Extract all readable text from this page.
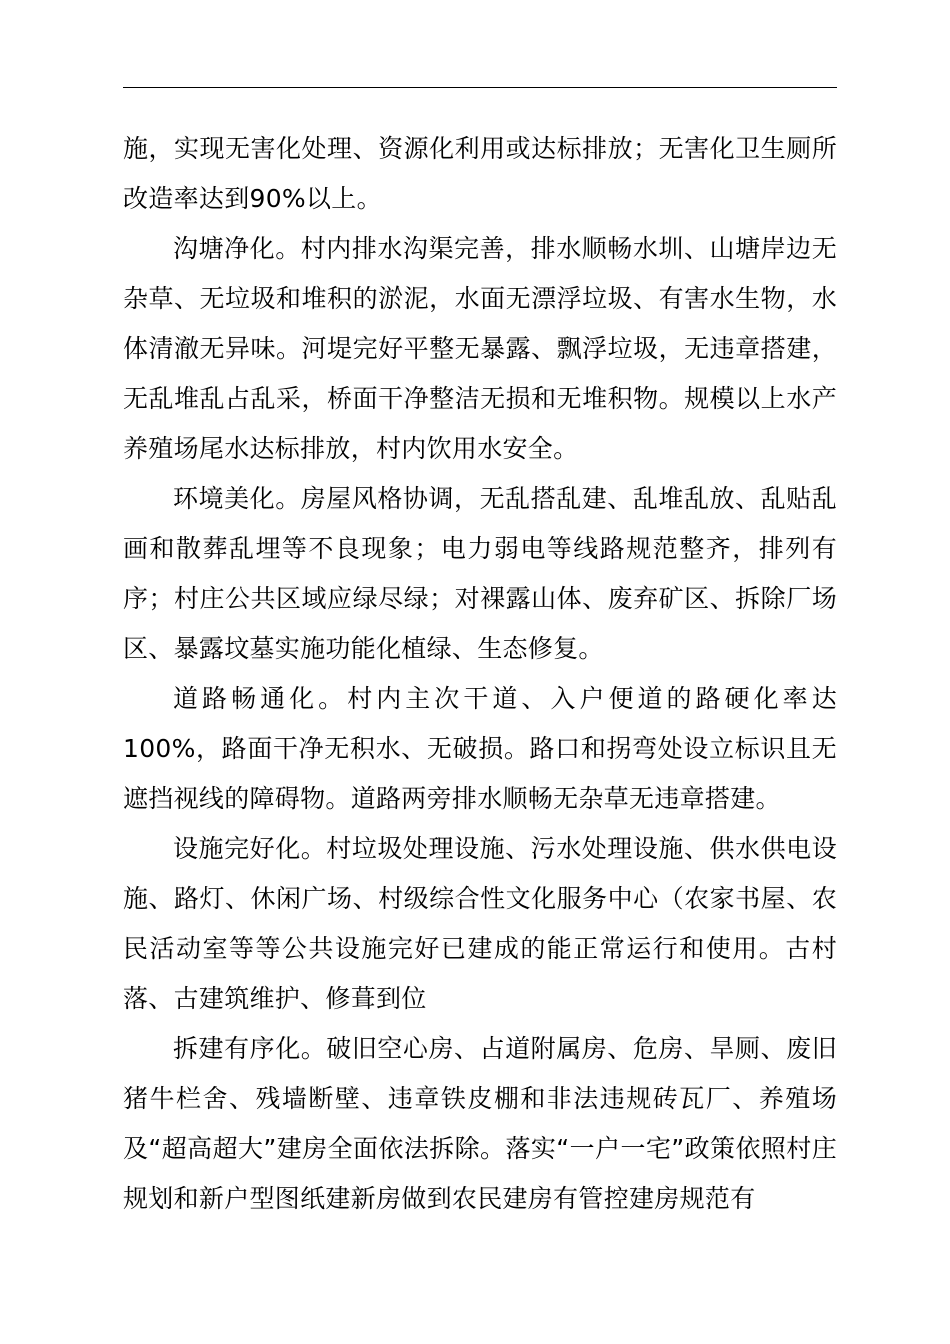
施，实现无害化处理、资源化利用或达标排放；无害化卫生厕所改造率达到90%以上。

沟塘净化。村内排水沟渠完善，排水顺畅水圳、山塘岸边无杂草、无垃圾和堆积的淤泥，水面无漂浮垃圾、有害水生物，水体清澈无异味。河堤完好平整无暴露、飘浮垃圾，无违章搭建，无乱堆乱占乱采，桥面干净整洁无损和无堆积物。规模以上水产养殖场尾水达标排放，村内饮用水安全。

环境美化。房屋风格协调，无乱搭乱建、乱堆乱放、乱贴乱画和散葬乱埋等不良现象；电力弱电等线路规范整齐，排列有序；村庄公共区域应绿尽绿；对裸露山体、废弃矿区、拆除厂场区、暴露坟墓实施功能化植绿、生态修复。

道路畅通化。村内主次干道、入户便道的路硬化率达100%，路面干净无积水、无破损。路口和拐弯处设立标识且无遮挡视线的障碍物。道路两旁排水顺畅无杂草无违章搭建。

设施完好化。村垃圾处理设施、污水处理设施、供水供电设施、路灯、休闲广场、村级综合性文化服务中心（农家书屋、农民活动室等等公共设施完好已建成的能正常运行和使用。古村落、古建筑维护、修葺到位

拆建有序化。破旧空心房、占道附属房、危房、旱厕、废旧猪牛栏舍、残墙断壁、违章铁皮棚和非法违规砖瓦厂、养殖场及“超高超大”建房全面依法拆除。落实“一户一宅”政策依照村庄规划和新户型图纸建新房做到农民建房有管控建房规范有
